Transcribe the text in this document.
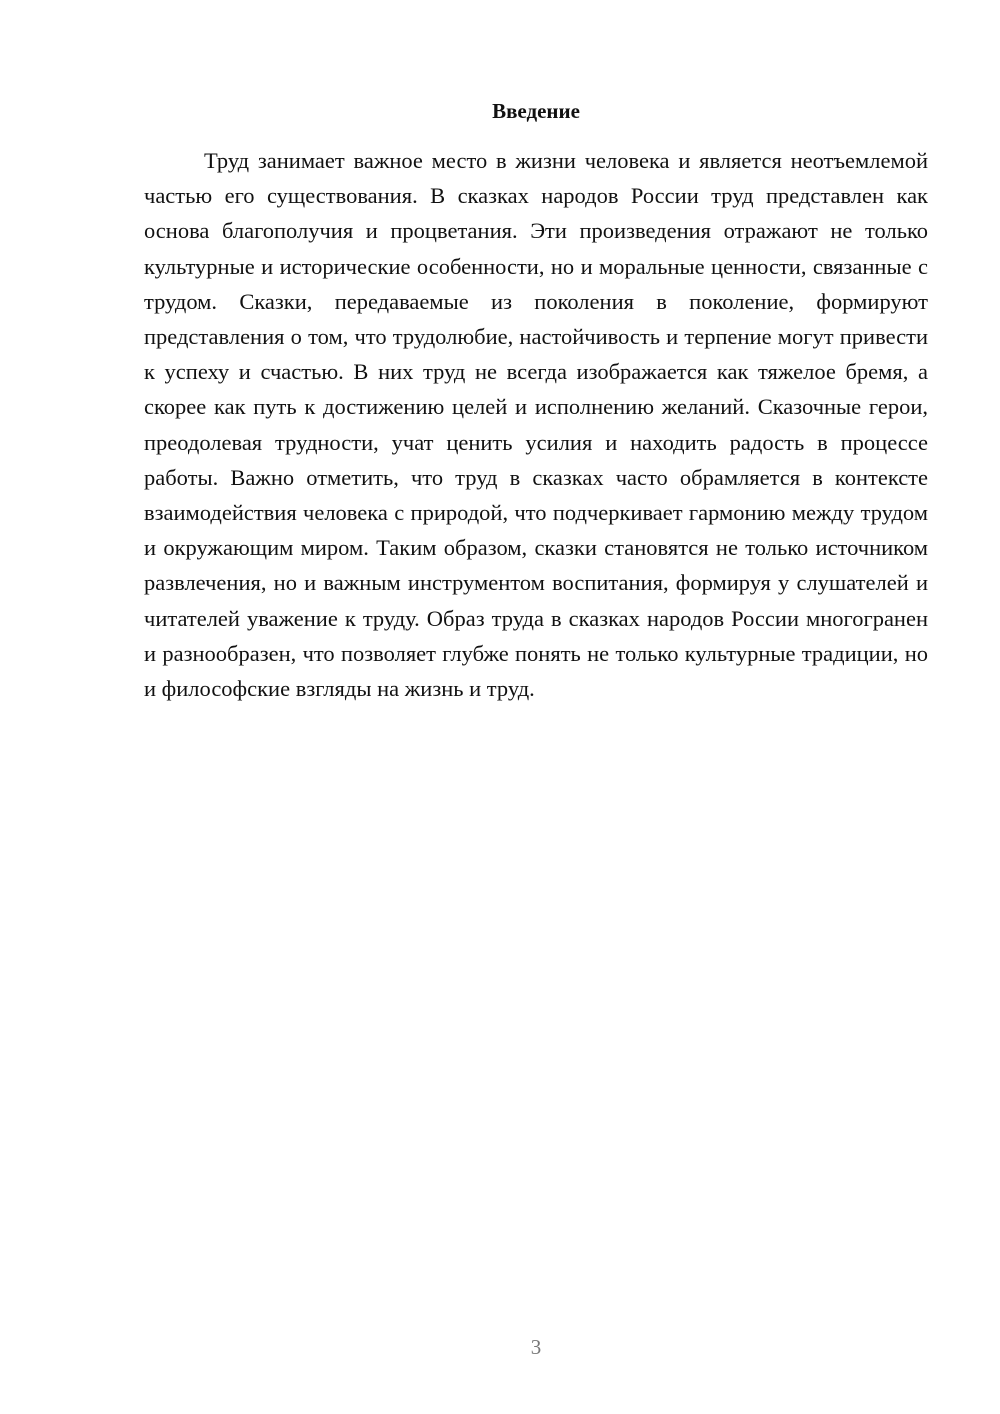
Введение

Труд занимает важное место в жизни человека и является неотъемлемой частью его существования. В сказках народов России труд представлен как основа благополучия и процветания. Эти произведения отражают не только культурные и исторические особенности, но и моральные ценности, связанные с трудом. Сказки, передаваемые из поколения в поколение, формируют представления о том, что трудолюбие, настойчивость и терпение могут привести к успеху и счастью. В них труд не всегда изображается как тяжелое бремя, а скорее как путь к достижению целей и исполнению желаний. Сказочные герои, преодолевая трудности, учат ценить усилия и находить радость в процессе работы. Важно отметить, что труд в сказках часто обрамляется в контексте взаимодействия человека с природой, что подчеркивает гармонию между трудом и окружающим миром. Таким образом, сказки становятся не только источником развлечения, но и важным инструментом воспитания, формируя у слушателей и читателей уважение к труду. Образ труда в сказках народов России многогранен и разнообразен, что позволяет глубже понять не только культурные традиции, но и философские взгляды на жизнь и труд.

3
